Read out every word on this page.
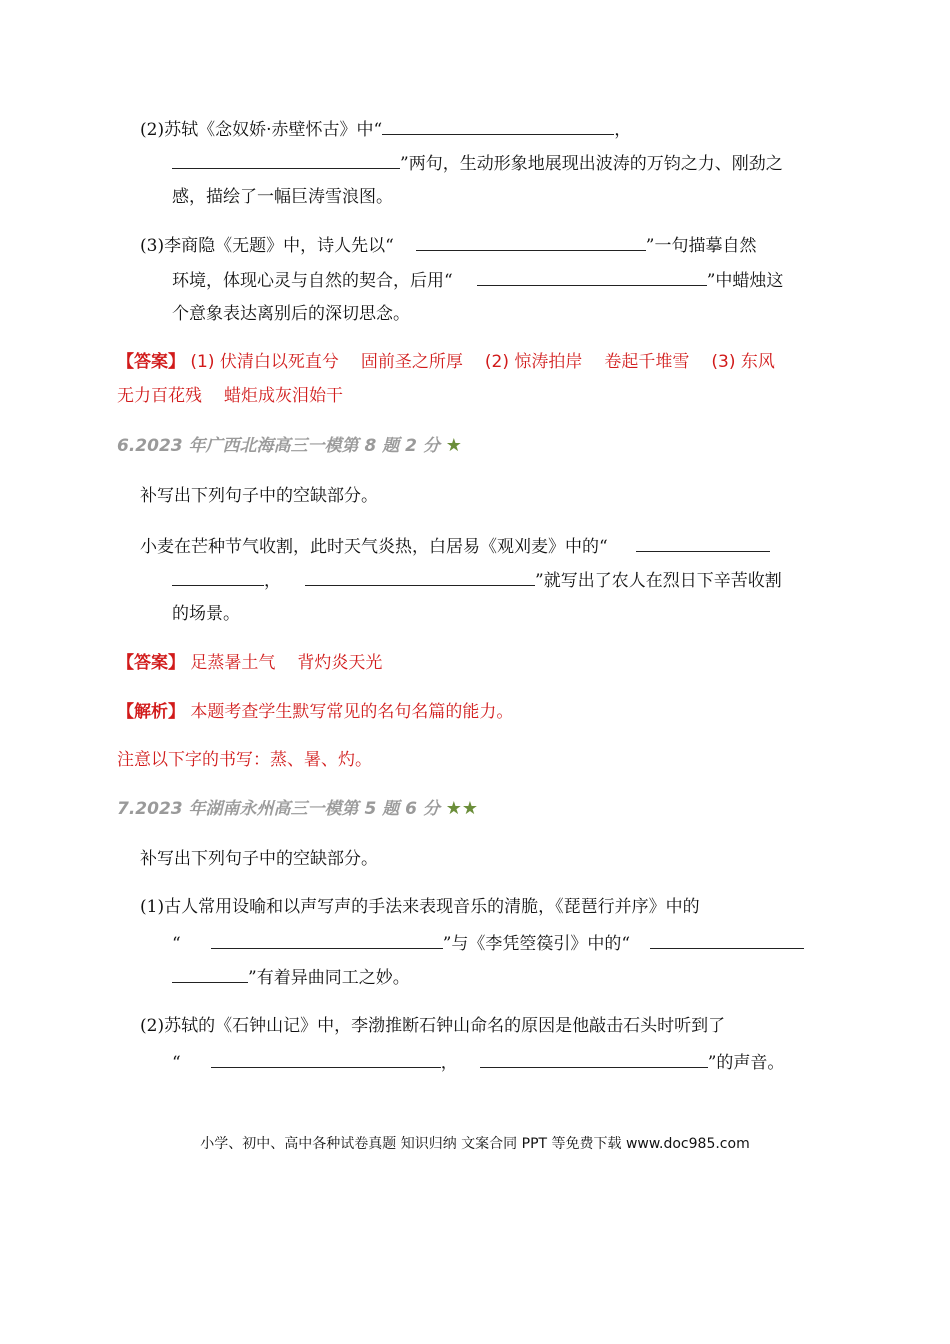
(2)苏轼《念奴娇·赤壁怀古》中“	，
”两句，生动形象地展现出波涛的万钧之力、刚劲之
感，描绘了一幅巨涛雪浪图。
(3)李商隐《无题》中，诗人先以“	”一句描摹自然
环境，体现心灵与自然的契合，后用“	”中蜡烛这
个意象表达离别后的深切思念。
【答案】 (1) 伏清白以死直兮 固前圣之所厚 (2) 惊涛拍岸 卷起千堆雪 (3) 东风
无力百花残 蜡炬成灰泪始干
6.2023 年广西北海高三一模第 8 题 2 分 ★
补写出下列句子中的空缺部分。
小麦在芒种节气收割，此时天气炎热，白居易《观刈麦》中的“
，	”就写出了农人在烈日下辛苦收割
的场景。
【答案】 足蒸暑土气 背灼炎天光
【解析】 本题考查学生默写常见的名句名篇的能力。
注意以下字的书写：蒸、暑、灼。
7.2023 年湖南永州高三一模第 5 题 6 分 ★★
补写出下列句子中的空缺部分。
(1)古人常用设喻和以声写声的手法来表现音乐的清脆，《琵琶行并序》中的
“	”与《李凭箜篌引》中的“
”有着异曲同工之妙。
(2)苏轼的《石钟山记》中，李渤推断石钟山命名的原因是他敲击石头时听到了
“	，	”的声音。
小学、初中、高中各种试卷真题 知识归纳 文案合同 PPT 等免费下载 www.doc985.com
